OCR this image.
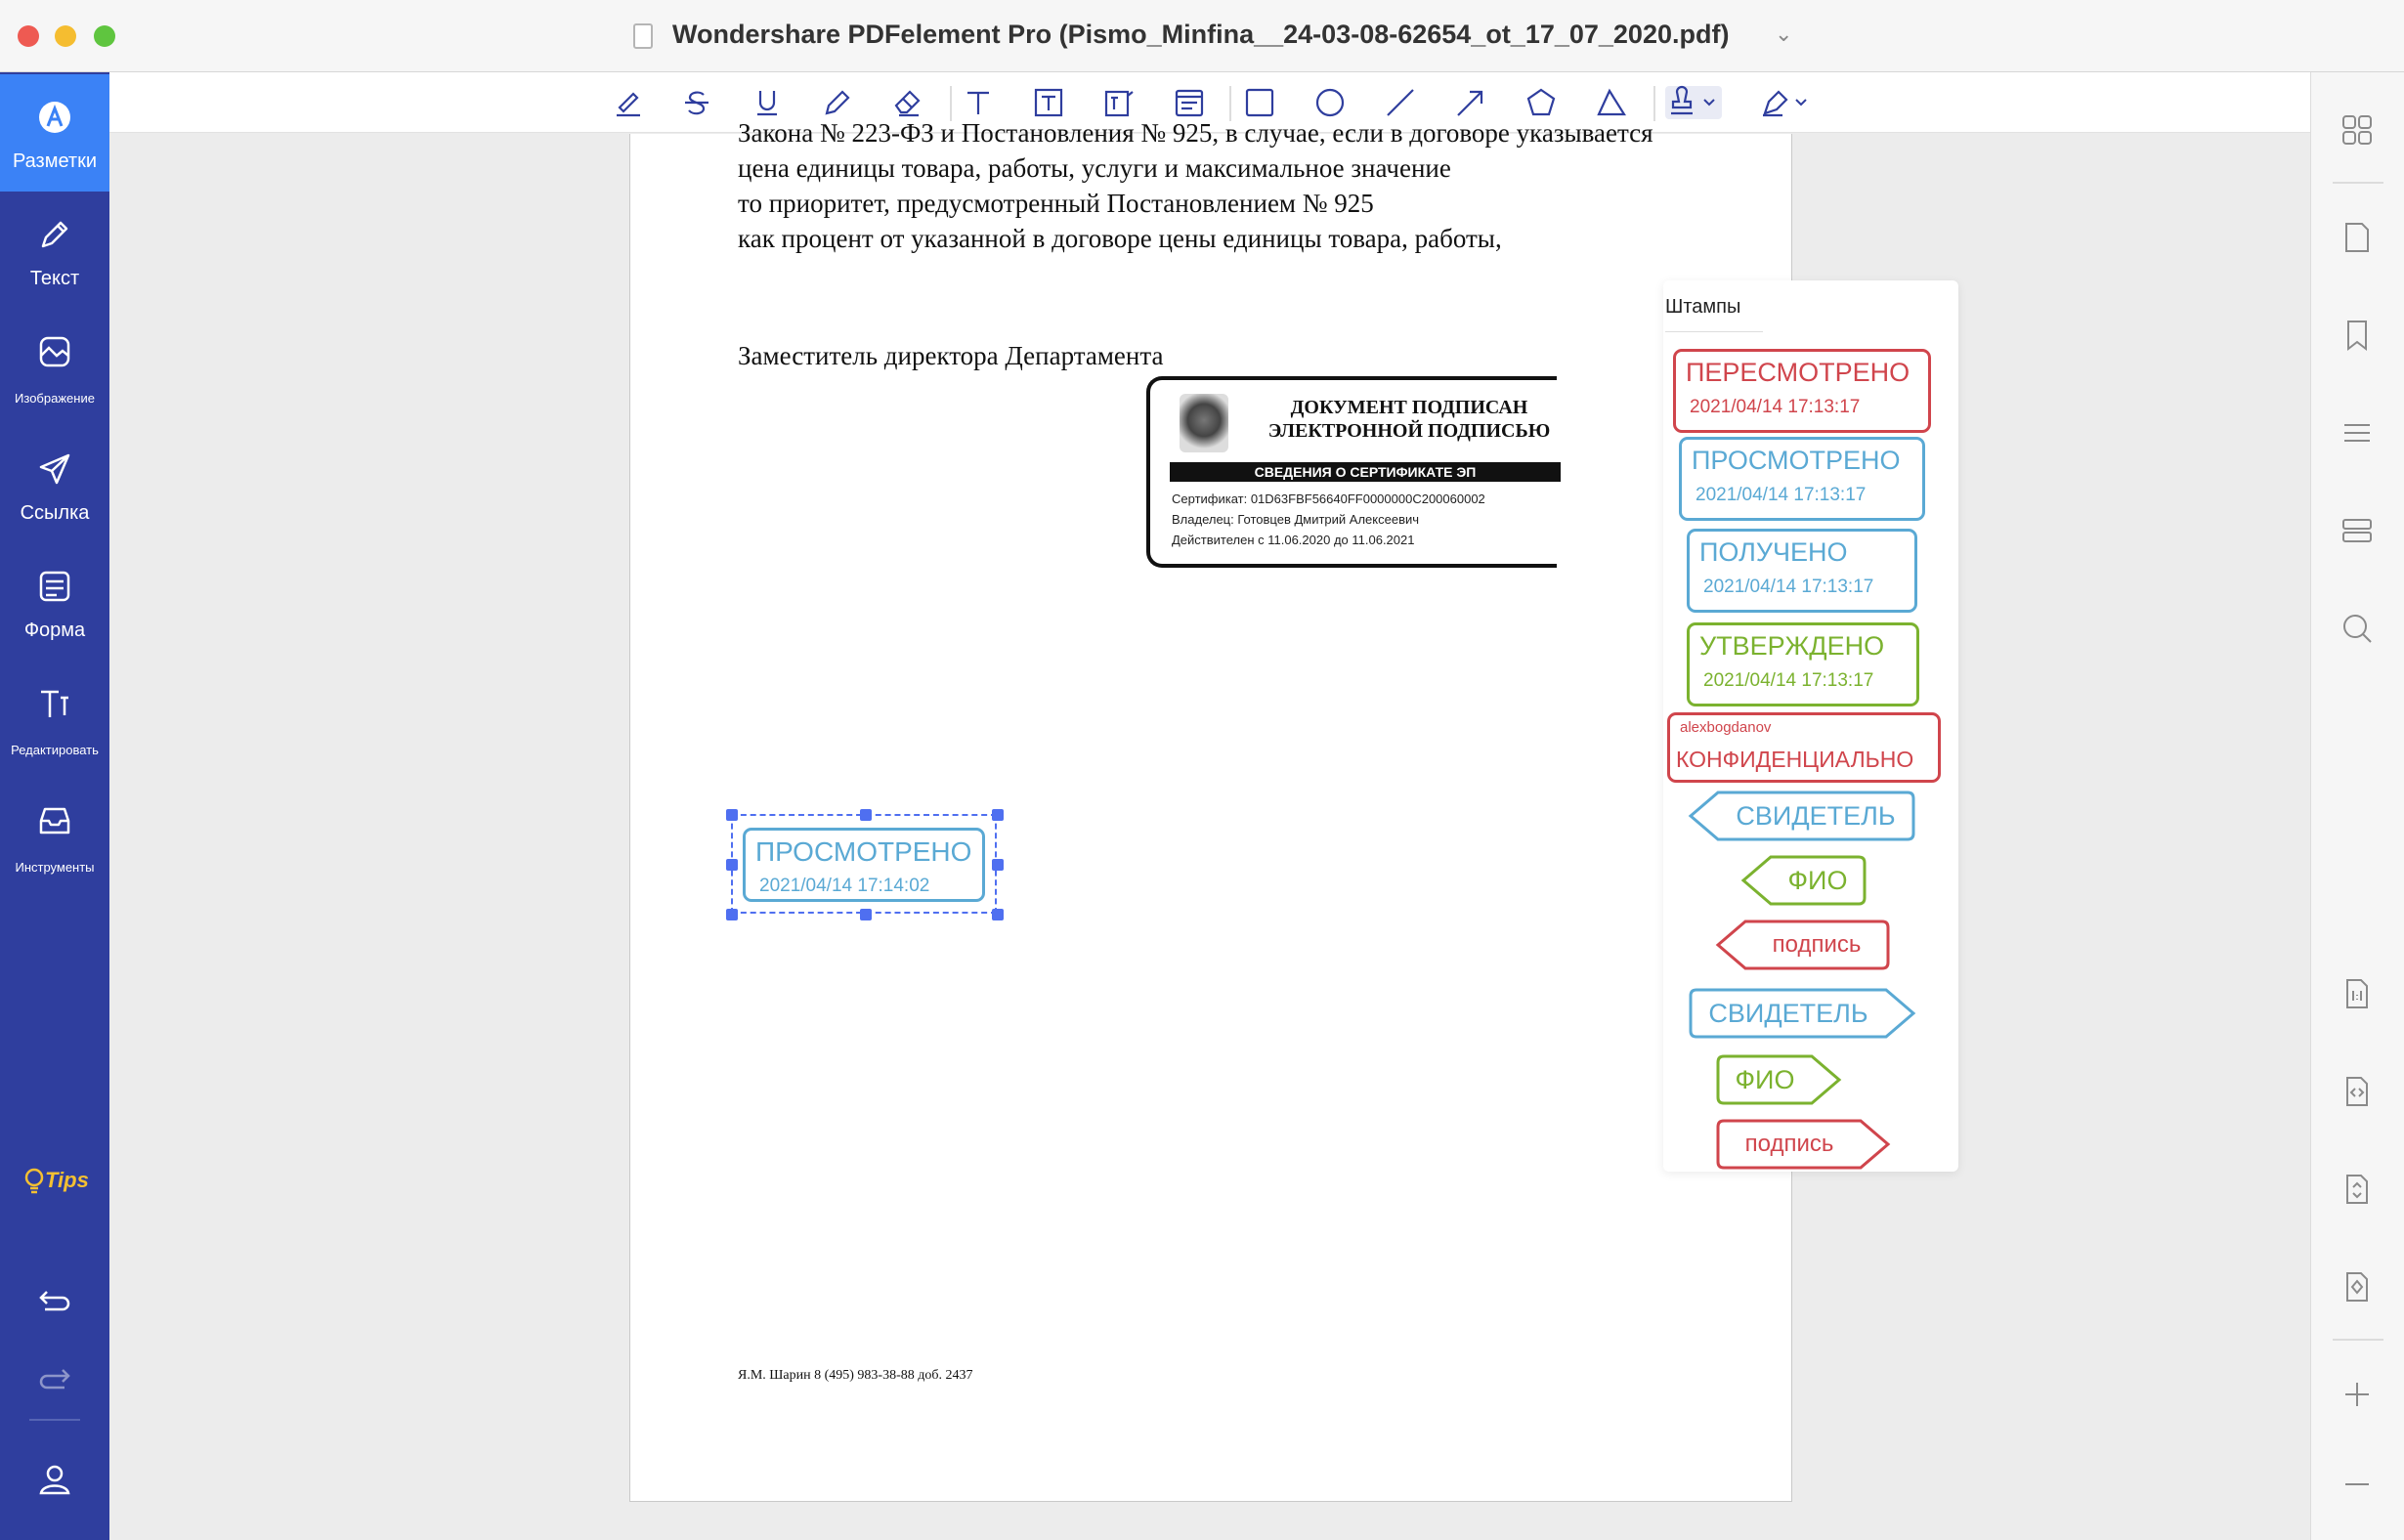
Wondershare PDFelement Pro (Pismo_Minfina__24-03-08-62654_ot_17_07_2020.pdf) ⌄
Разметки
Текст
Изображение
Ссылка
Форма
Редактировать
Инструменты
Tips
Закона № 223-ФЗ и Постановления № 925, в случае, если в договоре указывается
цена единицы товара, работы, услуги и максимальное значение
то приоритет, предусмотренный Постановлением № 925
как процент от указанной в договоре цены единицы товара, работы,
Заместитель директора Департамента
ДОКУМЕНТ ПОДПИСАН
ЭЛЕКТРОННОЙ ПОДПИСЬЮ
СВЕДЕНИЯ О СЕРТИФИКАТЕ ЭП
Сертификат: 01D63FBF56640FF0000000C200060002
Владелец: Готовцев Дмитрий Алексеевич
Действителен с 11.06.2020 до 11.06.2021
Я.М. Шарин 8 (495) 983-38-88 доб. 2437
ПРОСМОТРЕНО
2021/04/14 17:14:02
Штампы
ПЕРЕСМОТРЕНО
2021/04/14 17:13:17
ПРОСМОТРЕНО
2021/04/14 17:13:17
ПОЛУЧЕНО
2021/04/14 17:13:17
УТВЕРЖДЕНО
2021/04/14 17:13:17
alexbogdanov
КОНФИДЕНЦИАЛЬНО
СВИДЕТЕЛЬ
ФИО
подпись
СВИДЕТЕЛЬ
ФИО
подпись
